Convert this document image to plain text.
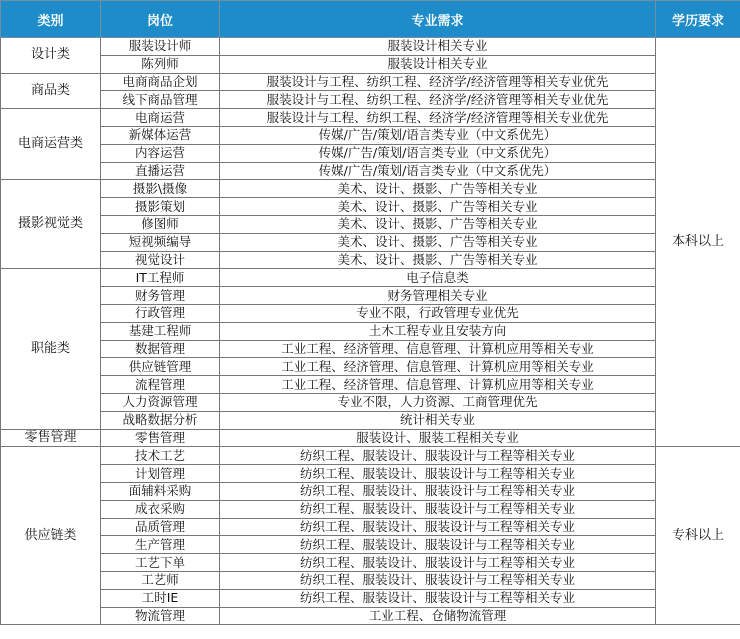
类别	岗位	专业需求	学历要求
设计类	服装设计师	服装设计相关专业	本科以上
	陈列师	服装设计相关专业	
商品类	电商商品企划	服装设计与工程、纺织工程、经济学/经济管理等相关专业优先	
	线下商品管理	服装设计与工程、纺织工程、经济学/经济管理等相关专业优先	
电商运营类	电商运营	服装设计与工程、纺织工程、经济学/经济管理等相关专业优先	
	新媒体运营	传媒/广告/策划/语言类专业（中文系优先）	
	内容运营	传媒/广告/策划/语言类专业（中文系优先）	
	直播运营	传媒/广告/策划/语言类专业（中文系优先）	
摄影视觉类	摄影\摄像	美术、设计、摄影、广告等相关专业	
	摄影策划	美术、设计、摄影、广告等相关专业	
	修图师	美术、设计、摄影、广告等相关专业	
	短视频编导	美术、设计、摄影、广告等相关专业	
	视觉设计	美术、设计、摄影、广告等相关专业	
职能类	IT工程师	电子信息类	
	财务管理	财务管理相关专业	
	行政管理	专业不限，行政管理专业优先	
	基建工程师	土木工程专业且安装方向	
	数据管理	工业工程、经济管理、信息管理、计算机应用等相关专业	
	供应链管理	工业工程、经济管理、信息管理、计算机应用等相关专业	
	流程管理	工业工程、经济管理、信息管理、计算机应用等相关专业	
	人力资源管理	专业不限，人力资源、工商管理优先	
	战略数据分析	统计相关专业	
零售管理	零售管理	服装设计、服装工程相关专业	
供应链类	技术工艺	纺织工程、服装设计、服装设计与工程等相关专业	专科以上
	计划管理	纺织工程、服装设计、服装设计与工程等相关专业	
	面辅料采购	纺织工程、服装设计、服装设计与工程等相关专业	
	成衣采购	纺织工程、服装设计、服装设计与工程等相关专业	
	品质管理	纺织工程、服装设计、服装设计与工程等相关专业	
	生产管理	纺织工程、服装设计、服装设计与工程等相关专业	
	工艺下单	纺织工程、服装设计、服装设计与工程等相关专业	
	工艺师	纺织工程、服装设计、服装设计与工程等相关专业	
	工时IE	纺织工程、服装设计、服装设计与工程等相关专业	
	物流管理	工业工程、仓储物流管理	
